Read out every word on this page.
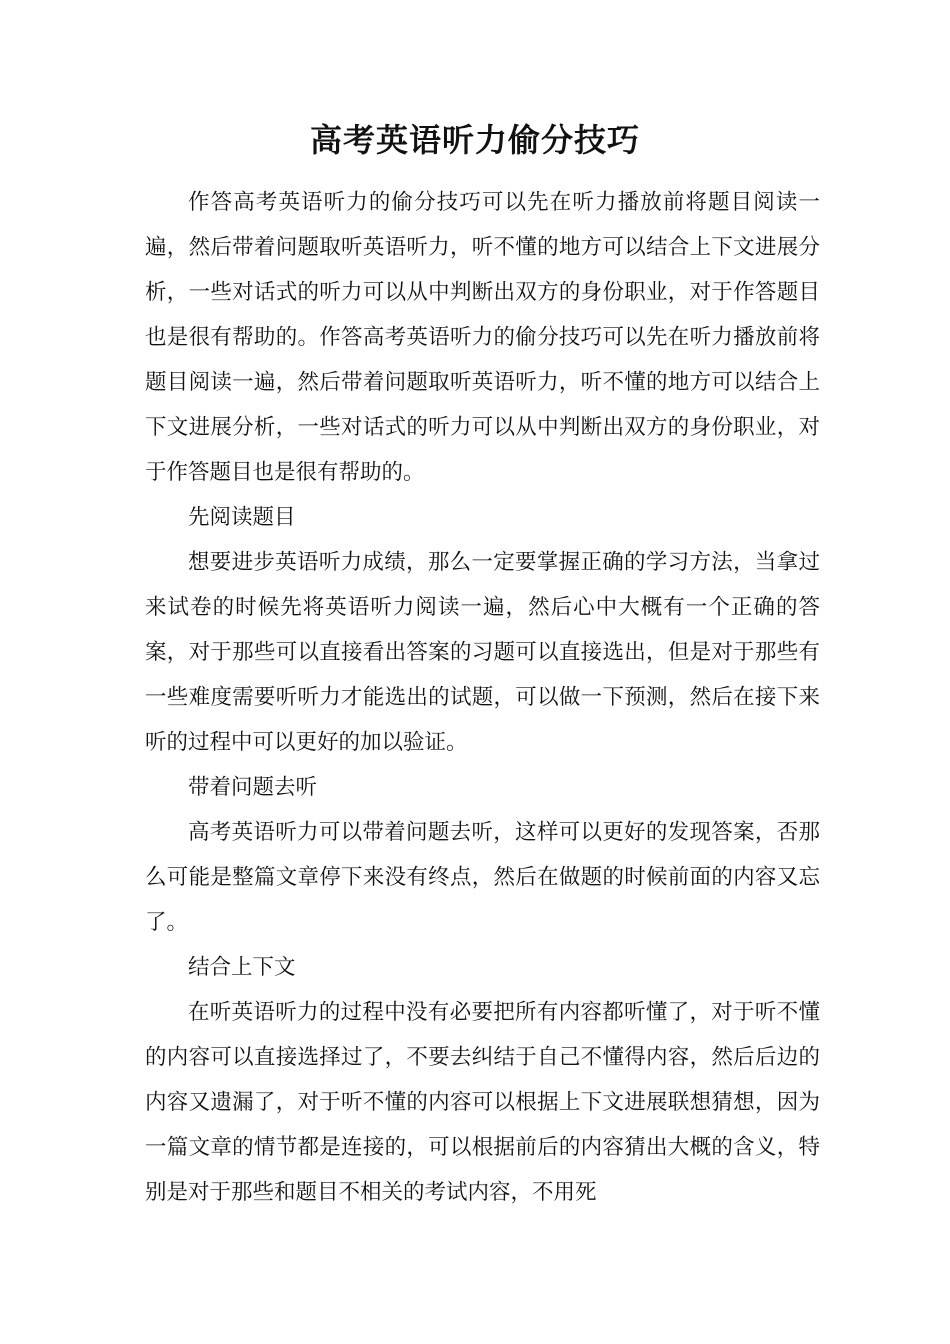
高考英语听力偷分技巧

作答高考英语听力的偷分技巧可以先在听力播放前将题目阅读一遍，然后带着问题取听英语听力，听不懂的地方可以结合上下文进展分析，一些对话式的听力可以从中判断出双方的身份职业，对于作答题目也是很有帮助的。作答高考英语听力的偷分技巧可以先在听力播放前将题目阅读一遍，然后带着问题取听英语听力，听不懂的地方可以结合上下文进展分析，一些对话式的听力可以从中判断出双方的身份职业，对于作答题目也是很有帮助的。

先阅读题目

想要进步英语听力成绩，那么一定要掌握正确的学习方法，当拿过来试卷的时候先将英语听力阅读一遍，然后心中大概有一个正确的答案，对于那些可以直接看出答案的习题可以直接选出，但是对于那些有一些难度需要听听力才能选出的试题，可以做一下预测，然后在接下来听的过程中可以更好的加以验证。

带着问题去听

高考英语听力可以带着问题去听，这样可以更好的发现答案，否那么可能是整篇文章停下来没有终点，然后在做题的时候前面的内容又忘了。

结合上下文

在听英语听力的过程中没有必要把所有内容都听懂了，对于听不懂的内容可以直接选择过了，不要去纠结于自己不懂得内容，然后后边的内容又遗漏了，对于听不懂的内容可以根据上下文进展联想猜想，因为一篇文章的情节都是连接的，可以根据前后的内容猜出大概的含义，特别是对于那些和题目不相关的考试内容，不用死
